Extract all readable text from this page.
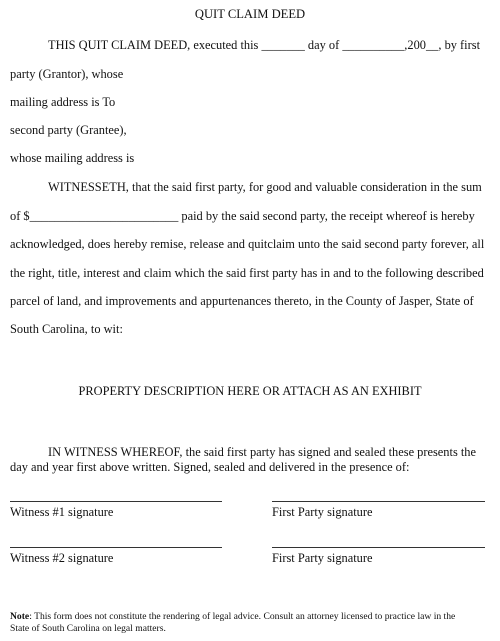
QUIT CLAIM DEED
THIS QUIT CLAIM DEED, executed this _______ day of __________,200__, by first
party (Grantor), whose
mailing address is To
second party (Grantee),
whose mailing address is
WITNESSETH, that the said first party, for good and valuable consideration in the sum
of $________________________ paid by the said second party, the receipt whereof is hereby
acknowledged, does hereby remise, release and quitclaim unto the said second party forever, all
the right, title, interest and claim which the said first party has in and to the following described
parcel of land, and improvements and appurtenances thereto, in the County of Jasper, State of
South Carolina, to wit:
PROPERTY DESCRIPTION HERE OR ATTACH AS AN EXHIBIT
IN WITNESS WHEREOF, the said first party has signed and sealed these presents the
day and year first above written. Signed, sealed and delivered in the presence of:
Witness #1 signature	First Party signature
Witness #2 signature	First Party signature
Note: This form does not constitute the rendering of legal advice. Consult an attorney licensed to practice law in the
State of South Carolina on legal matters.
